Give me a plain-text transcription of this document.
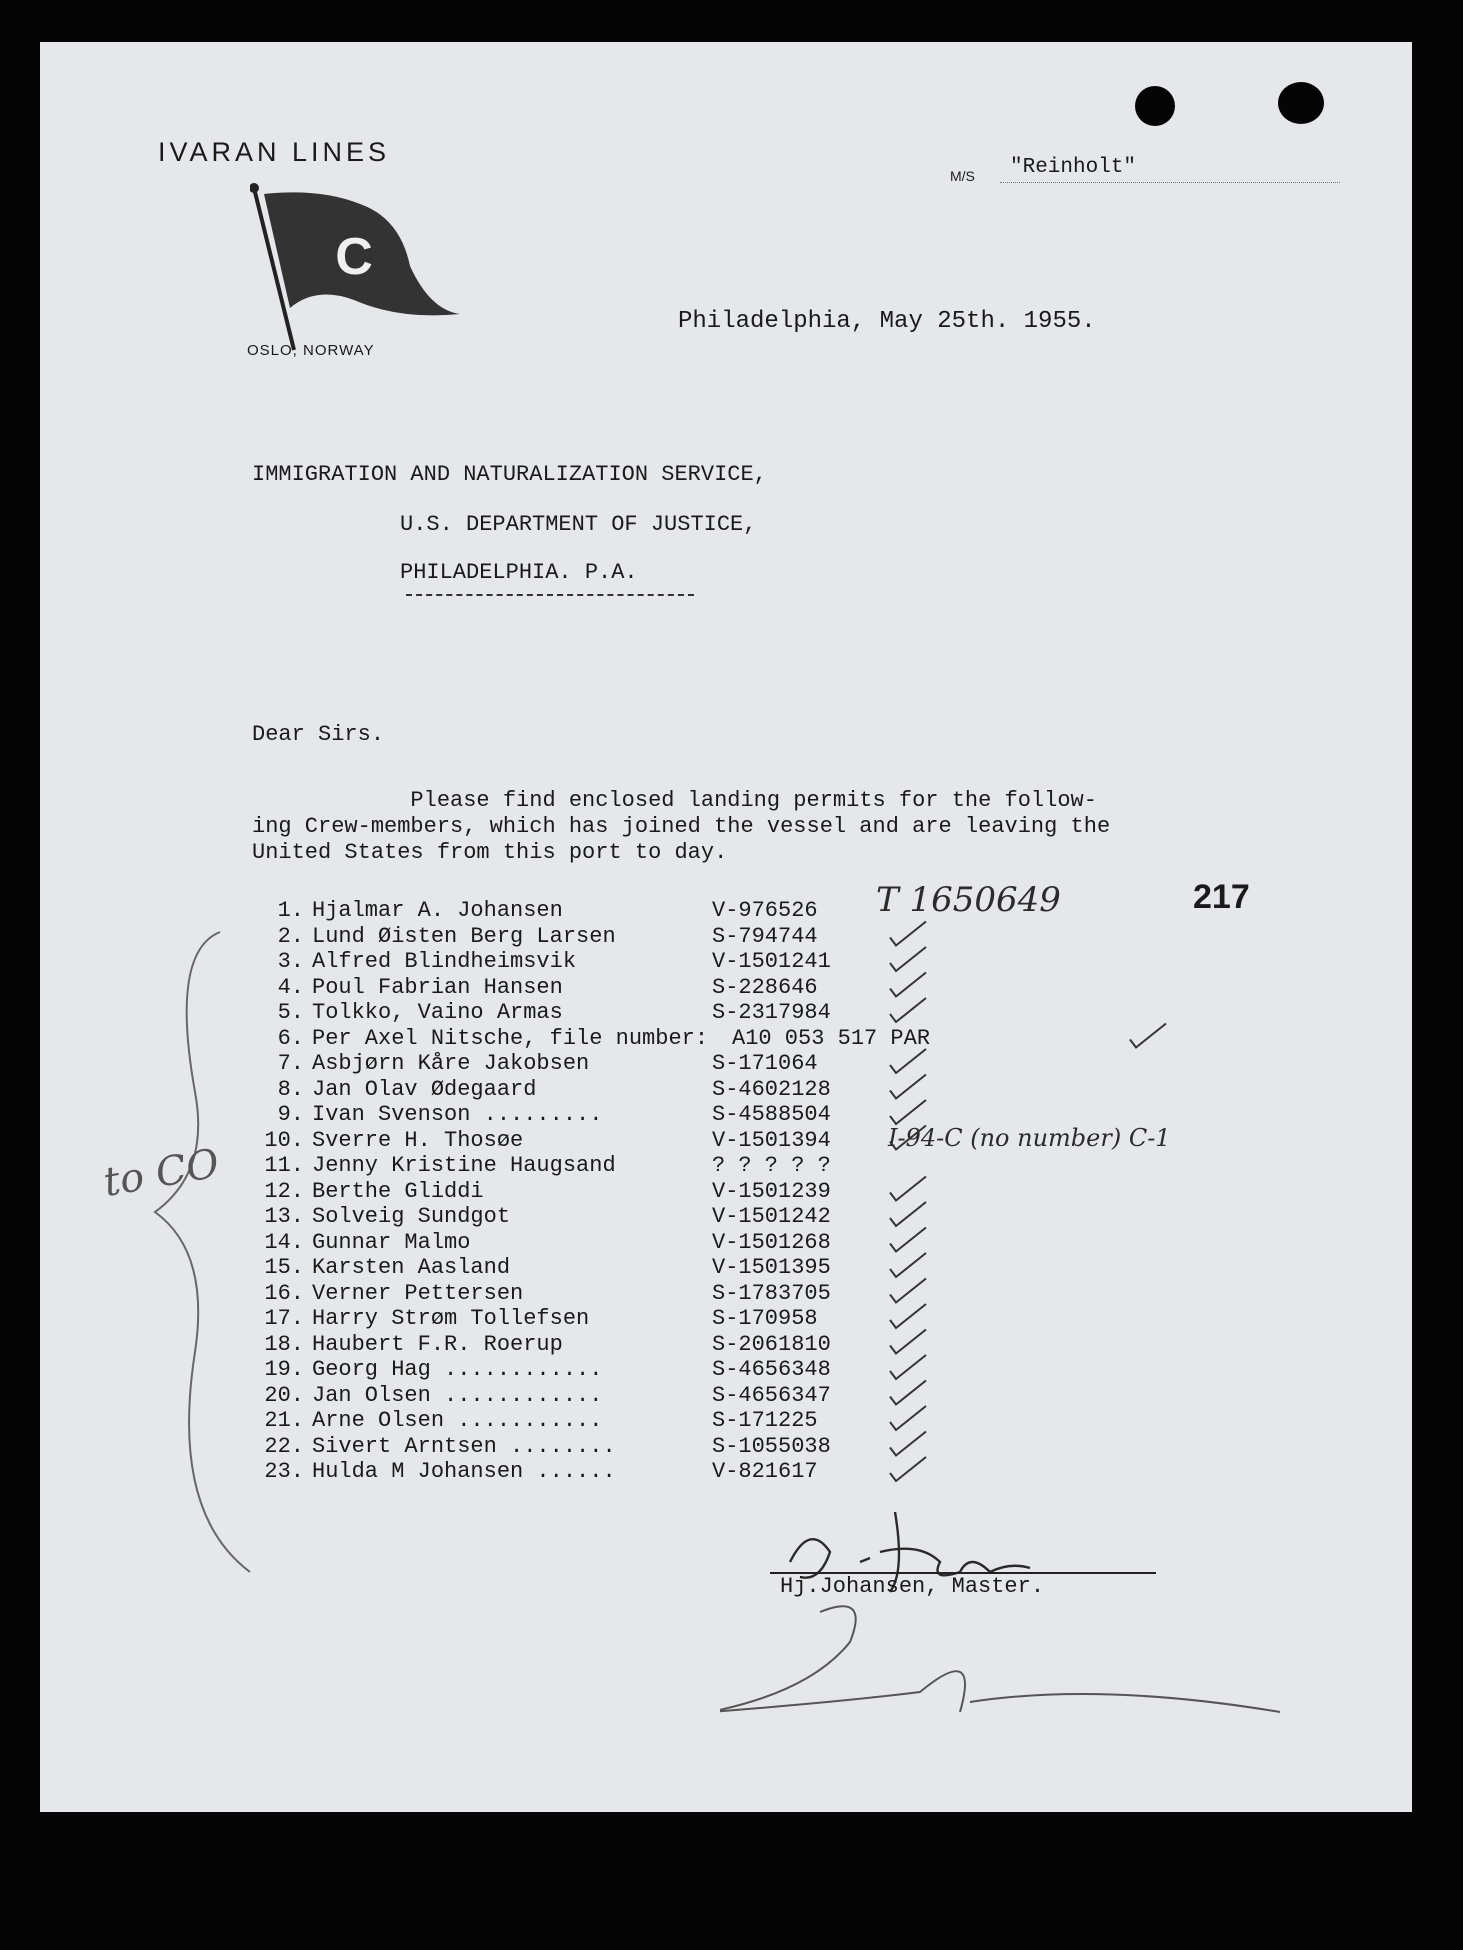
IVARAN LINES
C
OSLO, NORWAY
M/S "Reinholt"
Philadelphia, May 25th. 1955.
IMMIGRATION AND NATURALIZATION SERVICE,
U.S. DEPARTMENT OF JUSTICE,
PHILADELPHIA. P.A.
Dear Sirs.
Please find enclosed landing permits for the follow-
ing Crew-members, which has joined the vessel and are leaving the
United States from this port to day.
217
1. Hjalmar A. Johansen	V-976526
2. Lund Øisten Berg Larsen	S-794744
3. Alfred Blindheimsvik	V-1501241
4. Poul Fabrian Hansen	S-228646
5. Tolkko, Vaino Armas	S-2317984
6. Per Axel Nitsche, file number:	A10 053 517 PAR
7. Asbjørn Kåre Jakobsen	S-171064
8. Jan Olav Ødegaard	S-4602128
9. Ivan Svenson .........	S-4588504
10. Sverre H. Thosøe	V-1501394
11. Jenny Kristine Haugsand	? ? ? ? ?
12. Berthe Gliddi	V-1501239
13. Solveig Sundgot	V-1501242
14. Gunnar Malmo	V-1501268
15. Karsten Aasland	V-1501395
16. Verner Pettersen	S-1783705
17. Harry Strøm Tollefsen	S-170958
18. Haubert F.R. Roerup	S-2061810
19. Georg Hag ............	S-4656348
20. Jan Olsen ............	S-4656347
21. Arne Olsen ...........	S-171225
22. Sivert Arntsen ........	S-1055038
23. Hulda M Johansen ......	V-821617
T 1650649
I-94-C (no number) C-1
to CO
Hj.Johansen, Master.
